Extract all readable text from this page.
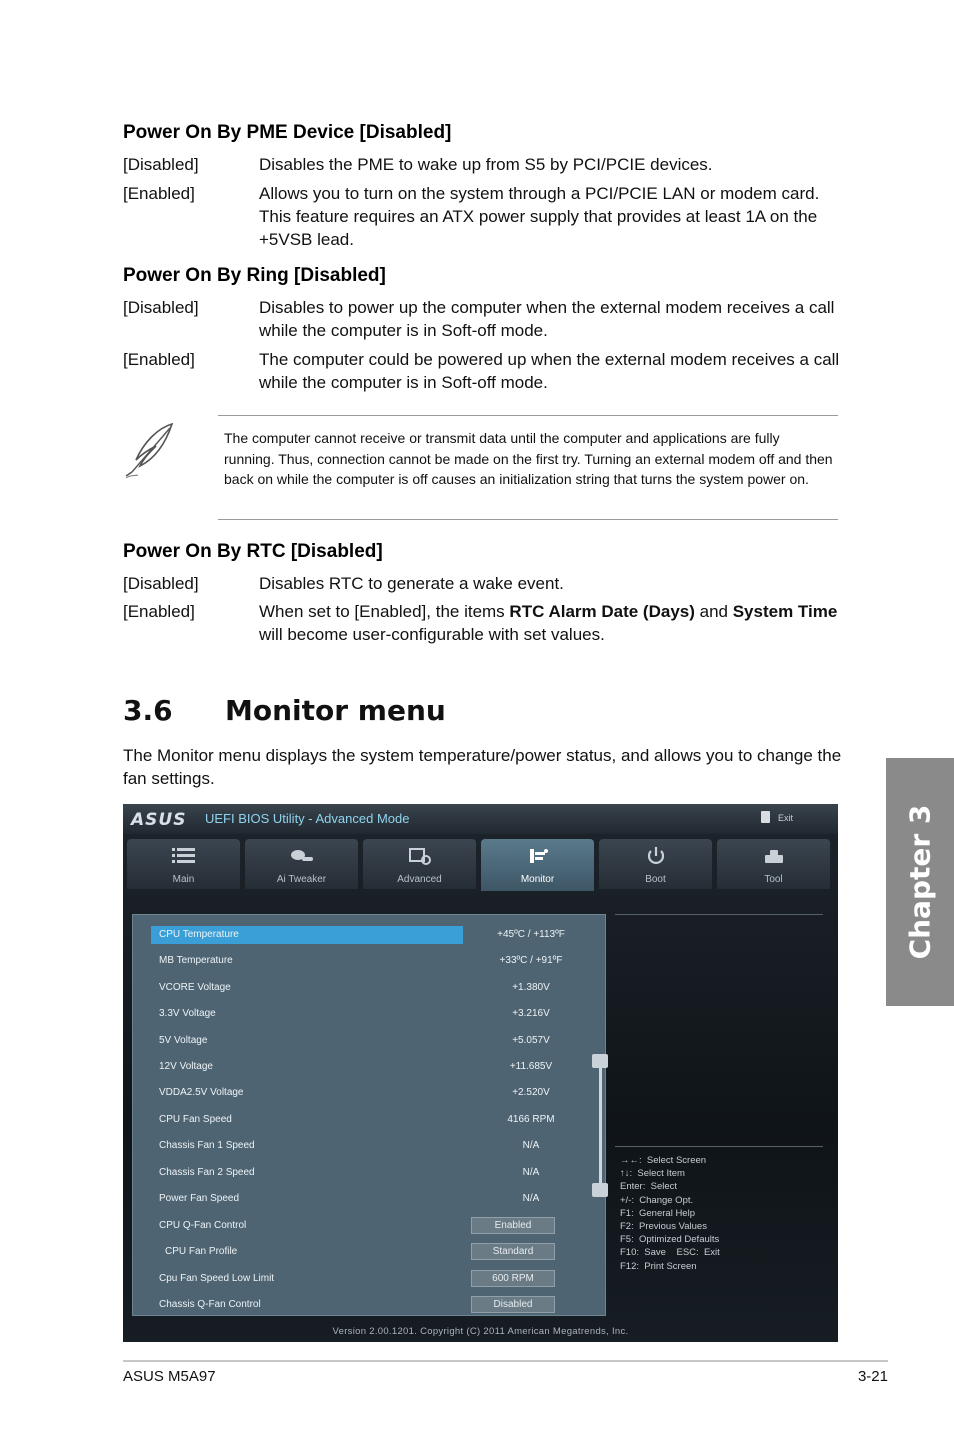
Power On By PME Device [Disabled]
[Disabled]	Disables the PME to wake up from S5 by PCI/PCIE devices.
[Enabled]	Allows you to turn on the system through a PCI/PCIE LAN or modem card. This feature requires an ATX power supply that provides at least 1A on the +5VSB lead.
Power On By Ring [Disabled]
[Disabled]	Disables to power up the computer when the external modem receives a call while the computer is in Soft-off mode.
[Enabled]	The computer could be powered up when the external modem receives a call while the computer is in Soft-off mode.
The computer cannot receive or transmit data until the computer and applications are fully running. Thus, connection cannot be made on the first try. Turning an external modem off and then back on while the computer is off causes an initialization string that turns the system power on.
Power On By RTC [Disabled]
[Disabled]	Disables RTC to generate a wake event.
[Enabled]	When set to [Enabled], the items RTC Alarm Date (Days) and System Time will become user-configurable with set values.
3.6 Monitor menu
The Monitor menu displays the system temperature/power status, and allows you to change the fan settings.
Chapter 3
ASUS UEFI BIOS Utility - Advanced Mode	Exit
Main	Ai Tweaker	Advanced	Monitor	Boot	Tool
CPU Temperature	+45ºC / +113ºF
MB Temperature	+33ºC / +91ºF
VCORE Voltage	+1.380V
3.3V Voltage	+3.216V
5V Voltage	+5.057V
12V Voltage	+11.685V
VDDA2.5V Voltage	+2.520V
CPU Fan Speed	4166 RPM
Chassis Fan 1 Speed	N/A
Chassis Fan 2 Speed	N/A
Power Fan Speed	N/A
CPU Q-Fan Control	Enabled
CPU Fan Profile	Standard
Cpu Fan Speed Low Limit	600 RPM
Chassis Q-Fan Control	Disabled
→←:  Select Screen
↑↓:  Select Item
Enter:  Select
+/-:  Change Opt.
F1:  General Help
F2:  Previous Values
F5:  Optimized Defaults
F10:  Save    ESC:  Exit
F12:  Print Screen
Version 2.00.1201. Copyright (C) 2011 American Megatrends, Inc.
ASUS M5A97	3-21
